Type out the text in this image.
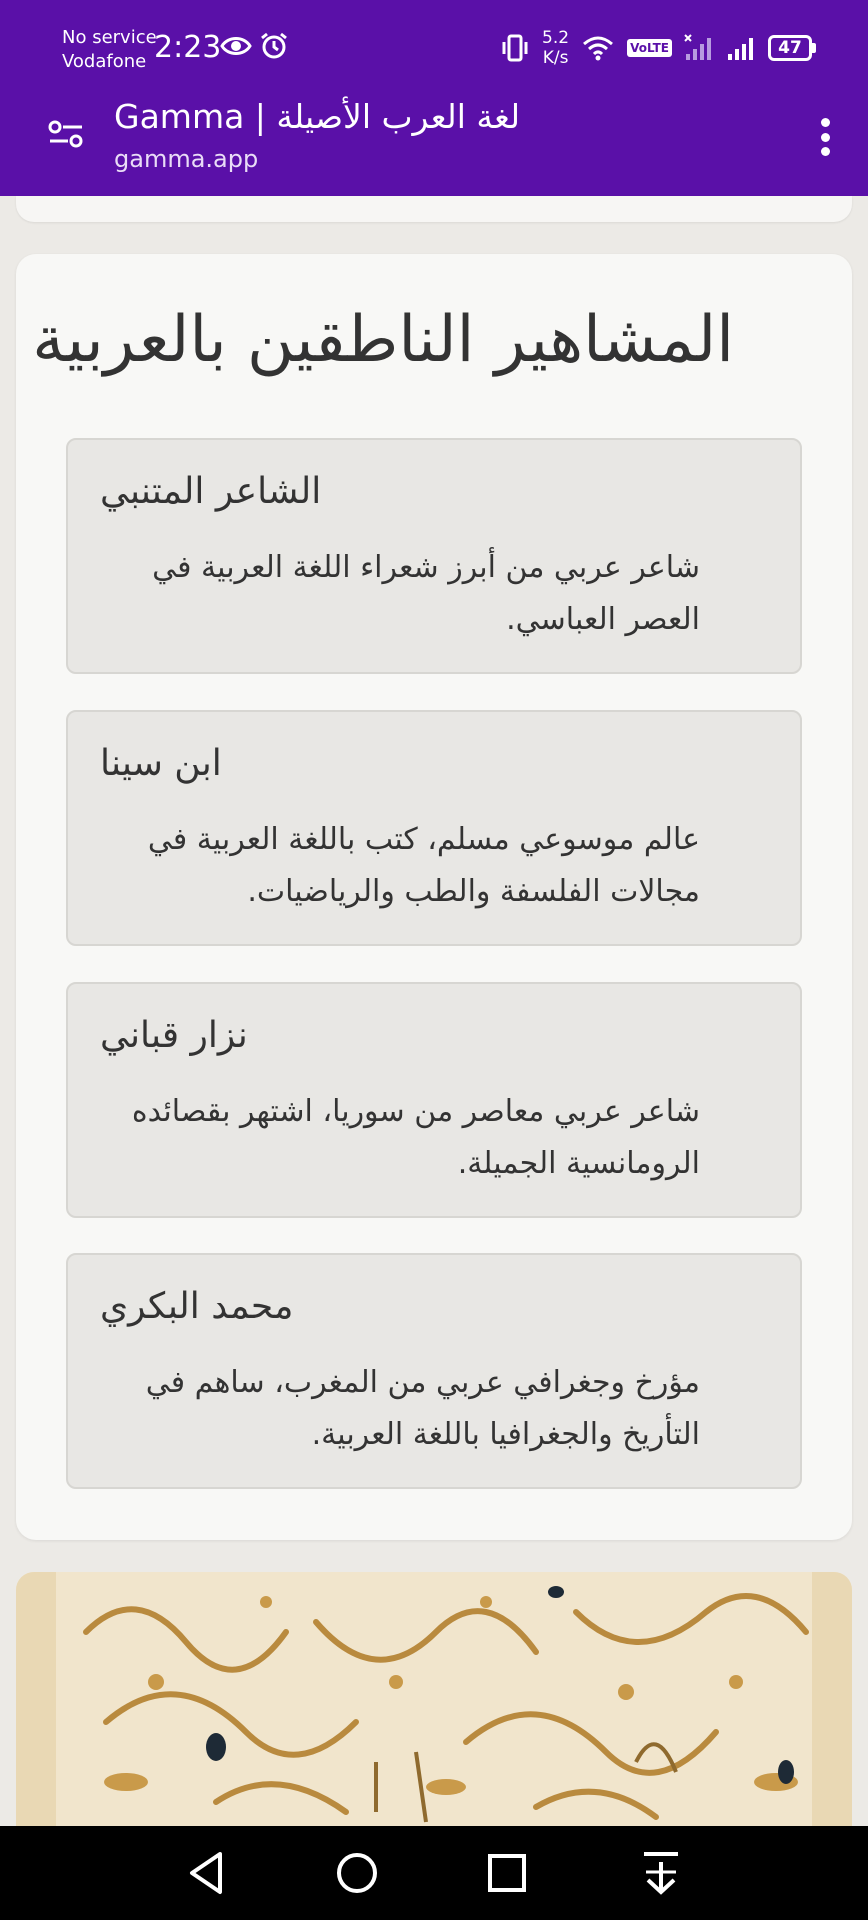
No service
Vodafone 2:23	5.2
K/s	VoLTE	47
Gamma | لغة العرب الأصيلة
gamma.app
المشاهير الناطقين بالعربية
الشاعر المتنبي
شاعر عربي من أبرز شعراء اللغة العربية في العصر العباسي.
ابن سينا
عالم موسوعي مسلم، كتب باللغة العربية في مجالات الفلسفة والطب والرياضيات.
نزار قباني
شاعر عربي معاصر من سوريا، اشتهر بقصائده الرومانسية الجميلة.
محمد البكري
مؤرخ وجغرافي عربي من المغرب، ساهم في التأريخ والجغرافيا باللغة العربية.
